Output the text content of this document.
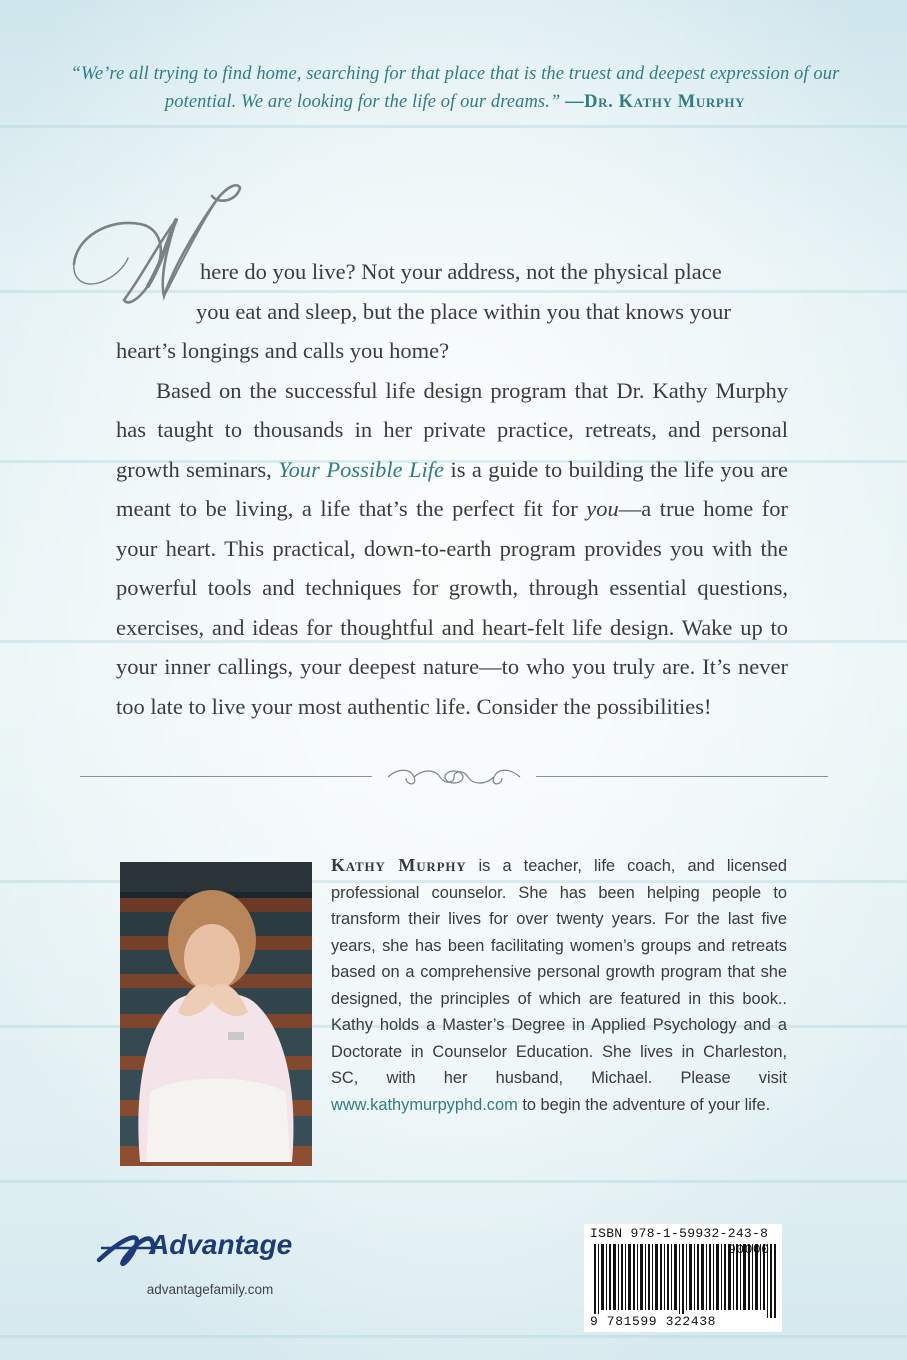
“We’re all trying to find home, searching for that place that is the truest and deepest expression of our potential. We are looking for the life of our dreams.” —Dr. Kathy Murphy

here do you live? Not your address, not the physical place
you eat and sleep, but the place within you that knows your
heart’s longings and calls you home?

Based on the successful life design program that Dr. Kathy Murphy has taught to thousands in her private practice, retreats, and personal growth seminars, Your Possible Life is a guide to building the life you are meant to be living, a life that’s the perfect fit for you—a true home for your heart. This practical, down-to-earth program provides you with the powerful tools and techniques for growth, through essential questions, exercises, and ideas for thoughtful and heart-felt life design. Wake up to your inner callings, your deepest nature—to who you truly are. It’s never too late to live your most authentic life. Consider the possibilities!

Kathy Murphy is a teacher, life coach, and licensed professional counselor. She has been helping people to transform their lives for over twenty years. For the last five years, she has been facilitating women’s groups and retreats based on a comprehensive personal growth program that she designed, the principles of which are featured in this book.. Kathy holds a Master’s Degree in Applied Psychology and a Doctorate in Counselor Education. She lives in Charleston, SC, with her husband, Michael. Please visit www.kathymurpyphd.com to begin the adventure of your life.
Advantage
advantagefamily.com
ISBN 978-1-59932-243-8
90000
9 781599 322438
